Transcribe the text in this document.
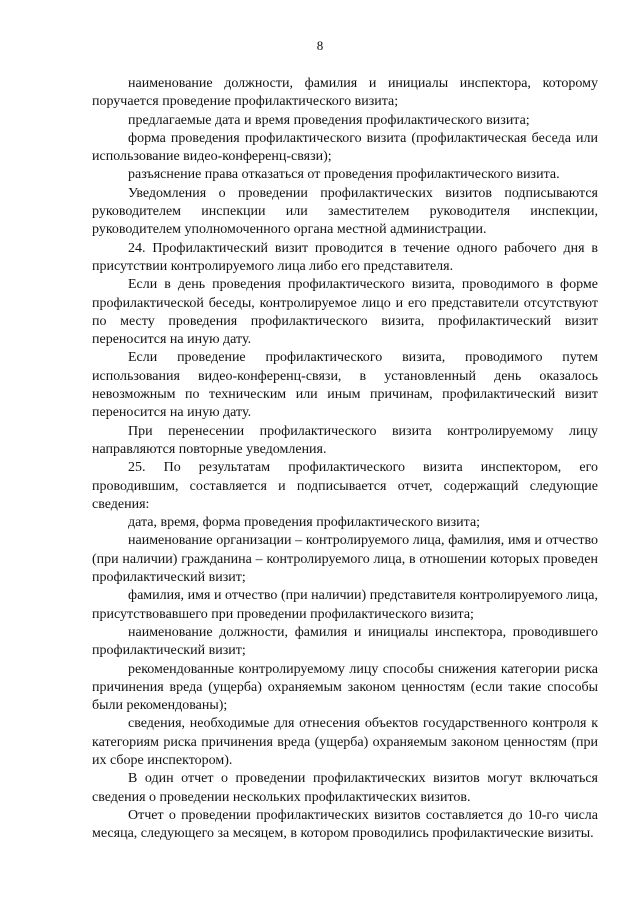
8

наименование должности, фамилия и инициалы инспектора, которому поручается проведение профилактического визита;

предлагаемые дата и время проведения профилактического визита;

форма проведения профилактического визита (профилактическая беседа или использование видео-конференц-связи);

разъяснение права отказаться от проведения профилактического визита.

Уведомления о проведении профилактических визитов подписываются руководителем инспекции или заместителем руководителя инспекции, руководителем уполномоченного органа местной администрации.

24. Профилактический визит проводится в течение одного рабочего дня в присутствии контролируемого лица либо его представителя.

Если в день проведения профилактического визита, проводимого в форме профилактической беседы, контролируемое лицо и его представители отсутствуют по месту проведения профилактического визита, профилактический визит переносится на иную дату.

Если проведение профилактического визита, проводимого путем использования видео-конференц-связи, в установленный день оказалось невозможным по техническим или иным причинам, профилактический визит переносится на иную дату.

При перенесении профилактического визита контролируемому лицу направляются повторные уведомления.

25. По результатам профилактического визита инспектором, его проводившим, составляется и подписывается отчет, содержащий следующие сведения:

дата, время, форма проведения профилактического визита;

наименование организации – контролируемого лица, фамилия, имя и отчество (при наличии) гражданина – контролируемого лица, в отношении которых проведен профилактический визит;

фамилия, имя и отчество (при наличии) представителя контролируемого лица, присутствовавшего при проведении профилактического визита;

наименование должности, фамилия и инициалы инспектора, проводившего профилактический визит;

рекомендованные контролируемому лицу способы снижения категории риска причинения вреда (ущерба) охраняемым законом ценностям (если такие способы были рекомендованы);

сведения, необходимые для отнесения объектов государственного контроля к категориям риска причинения вреда (ущерба) охраняемым законом ценностям (при их сборе инспектором).

В один отчет о проведении профилактических визитов могут включаться сведения о проведении нескольких профилактических визитов.

Отчет о проведении профилактических визитов составляется до 10-го числа месяца, следующего за месяцем, в котором проводились профилактические визиты.
